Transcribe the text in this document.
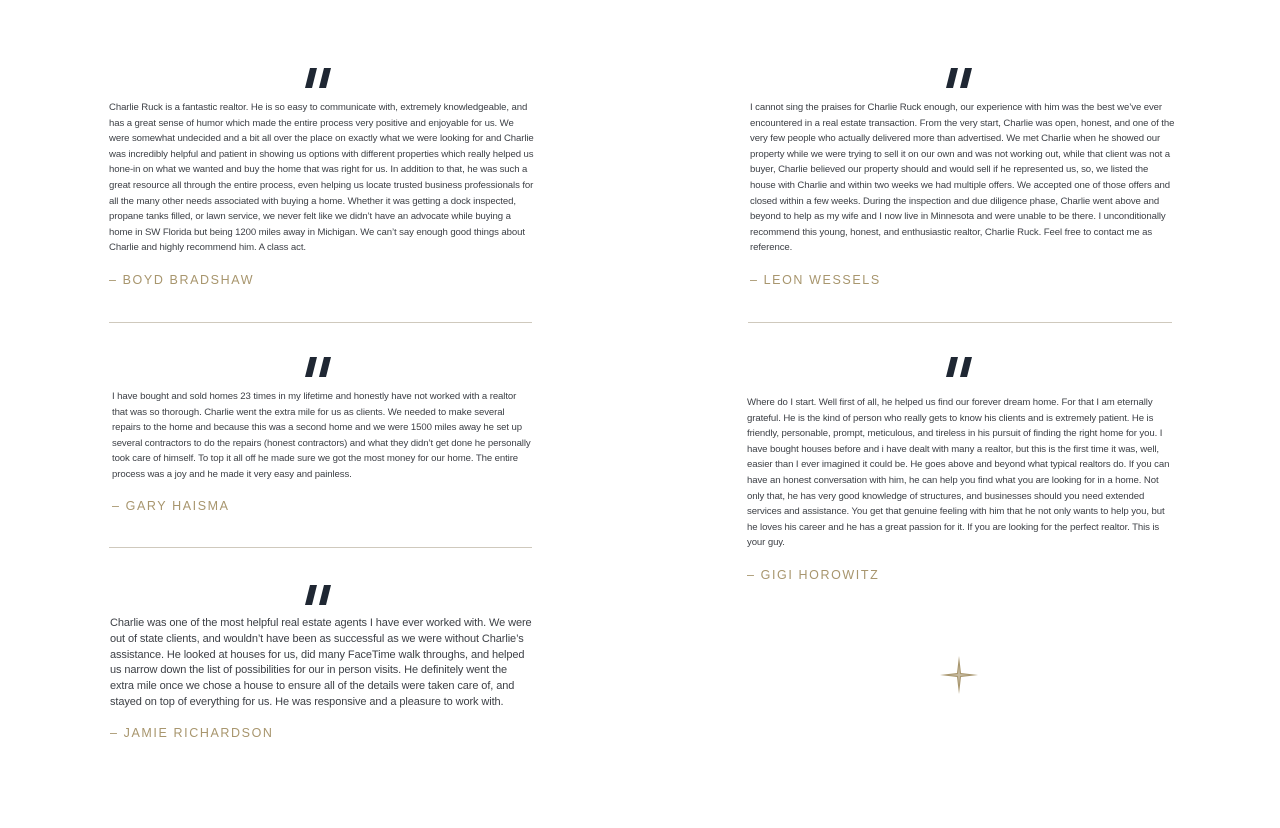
Charlie Ruck is a fantastic realtor. He is so easy to communicate with, extremely knowledgeable, and has a great sense of humor which made the entire process very positive and enjoyable for us. We were somewhat undecided and a bit all over the place on exactly what we were looking for and Charlie was incredibly helpful and patient in showing us options with different properties which really helped us hone-in on what we wanted and buy the home that was right for us. In addition to that, he was such a great resource all through the entire process, even helping us locate trusted business professionals for all the many other needs associated with buying a home. Whether it was getting a dock inspected, propane tanks filled, or lawn service, we never felt like we didn’t have an advocate while buying a home in SW Florida but being 1200 miles away in Michigan. We can’t say enough good things about Charlie and highly recommend him. A class act.

– BOYD BRADSHAW

I have bought and sold homes 23 times in my lifetime and honestly have not worked with a realtor that was so thorough. Charlie went the extra mile for us as clients. We needed to make several repairs to the home and because this was a second home and we were 1500 miles away he set up several contractors to do the repairs (honest contractors) and what they didn’t get done he personally took care of himself. To top it all off he made sure we got the most money for our home. The entire process was a joy and he made it very easy and painless.

– GARY HAISMA

Charlie was one of the most helpful real estate agents I have ever worked with. We were out of state clients, and wouldn’t have been as successful as we were without Charlie’s assistance. He looked at houses for us, did many FaceTime walk throughs, and helped us narrow down the list of possibilities for our in person visits. He definitely went the extra mile once we chose a house to ensure all of the details were taken care of, and stayed on top of everything for us. He was responsive and a pleasure to work with.

– JAMIE RICHARDSON

I cannot sing the praises for Charlie Ruck enough, our experience with him was the best we’ve ever encountered in a real estate transaction. From the very start, Charlie was open, honest, and one of the very few people who actually delivered more than advertised. We met Charlie when he showed our property while we were trying to sell it on our own and was not working out, while that client was not a buyer, Charlie believed our property should and would sell if he represented us, so, we listed the house with Charlie and within two weeks we had multiple offers. We accepted one of those offers and closed within a few weeks. During the inspection and due diligence phase, Charlie went above and beyond to help as my wife and I now live in Minnesota and were unable to be there. I unconditionally recommend this young, honest, and enthusiastic realtor, Charlie Ruck. Feel free to contact me as reference.

– LEON WESSELS

Where do I start. Well first of all, he helped us find our forever dream home. For that I am eternally grateful. He is the kind of person who really gets to know his clients and is extremely patient. He is friendly, personable, prompt, meticulous, and tireless in his pursuit of finding the right home for you. I have bought houses before and i have dealt with many a realtor, but this is the first time it was, well, easier than I ever imagined it could be. He goes above and beyond what typical realtors do. If you can have an honest conversation with him, he can help you find what you are looking for in a home. Not only that, he has very good knowledge of structures, and businesses should you need extended services and assistance. You get that genuine feeling with him that he not only wants to help you, but he loves his career and he has a great passion for it. If you are looking for the perfect realtor. This is your guy.

– GIGI HOROWITZ
